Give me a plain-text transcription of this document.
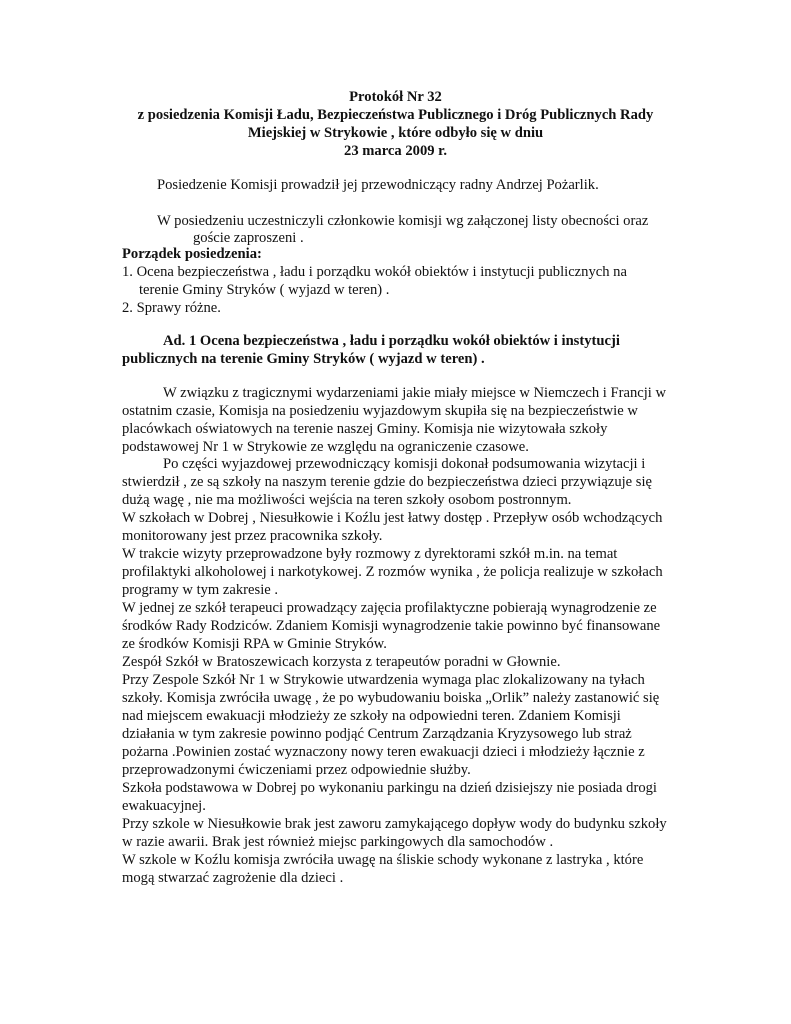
Protokół Nr 32
z posiedzenia Komisji Ładu, Bezpieczeństwa Publicznego i Dróg Publicznych Rady
Miejskiej w Strykowie , które odbyło się w dniu
23 marca 2009 r.
Posiedzenie Komisji prowadził jej przewodniczący radny Andrzej Pożarlik.
W posiedzeniu uczestniczyli członkowie komisji wg załączonej listy obecności oraz
goście zaproszeni .
Porządek posiedzenia:
1. Ocena bezpieczeństwa , ładu i porządku wokół obiektów i instytucji publicznych na
terenie Gminy Stryków ( wyjazd w teren) .
2. Sprawy różne.
Ad. 1 Ocena bezpieczeństwa , ładu i porządku wokół obiektów i instytucji
publicznych na terenie Gminy Stryków ( wyjazd w teren) .
W związku z tragicznymi wydarzeniami jakie miały miejsce w Niemczech i Francji w
ostatnim czasie, Komisja na posiedzeniu wyjazdowym skupiła się na bezpieczeństwie w
placówkach oświatowych na terenie naszej Gminy. Komisja nie wizytowała szkoły
podstawowej Nr 1 w Strykowie ze względu na ograniczenie czasowe.
Po części wyjazdowej przewodniczący komisji dokonał podsumowania wizytacji i
stwierdził , ze są szkoły na naszym terenie gdzie do bezpieczeństwa dzieci przywiązuje się
dużą wagę , nie ma możliwości wejścia na teren szkoły osobom postronnym.
W szkołach w Dobrej , Niesułkowie i Koźlu jest łatwy dostęp . Przepływ osób wchodzących
monitorowany jest przez pracownika szkoły.
W trakcie wizyty przeprowadzone były rozmowy z dyrektorami szkół m.in. na temat
profilaktyki alkoholowej i narkotykowej. Z rozmów wynika , że policja realizuje w szkołach
programy w tym zakresie .
W jednej ze szkół terapeuci prowadzący zajęcia profilaktyczne pobierają wynagrodzenie ze
środków Rady Rodziców. Zdaniem Komisji wynagrodzenie takie powinno być finansowane
ze środków Komisji RPA w Gminie Stryków.
Zespół Szkół w Bratoszewicach korzysta z terapeutów poradni w Głownie.
Przy Zespole Szkół Nr 1 w Strykowie utwardzenia wymaga plac zlokalizowany na tyłach
szkoły. Komisja zwróciła uwagę , że po wybudowaniu boiska „Orlik” należy zastanowić się
nad miejscem ewakuacji młodzieży ze szkoły na odpowiedni teren. Zdaniem Komisji
działania w tym zakresie powinno podjąć Centrum Zarządzania Kryzysowego lub straż
pożarna .Powinien zostać wyznaczony nowy teren ewakuacji dzieci i młodzieży łącznie z
przeprowadzonymi ćwiczeniami przez odpowiednie służby.
Szkoła podstawowa w Dobrej po wykonaniu parkingu na dzień dzisiejszy nie posiada drogi
ewakuacyjnej.
Przy szkole w Niesułkowie brak jest zaworu zamykającego dopływ wody do budynku szkoły
w razie awarii. Brak jest również miejsc parkingowych dla samochodów .
W szkole w Koźlu komisja zwróciła uwagę na śliskie schody wykonane z lastryka , które
mogą stwarzać zagrożenie dla dzieci .
